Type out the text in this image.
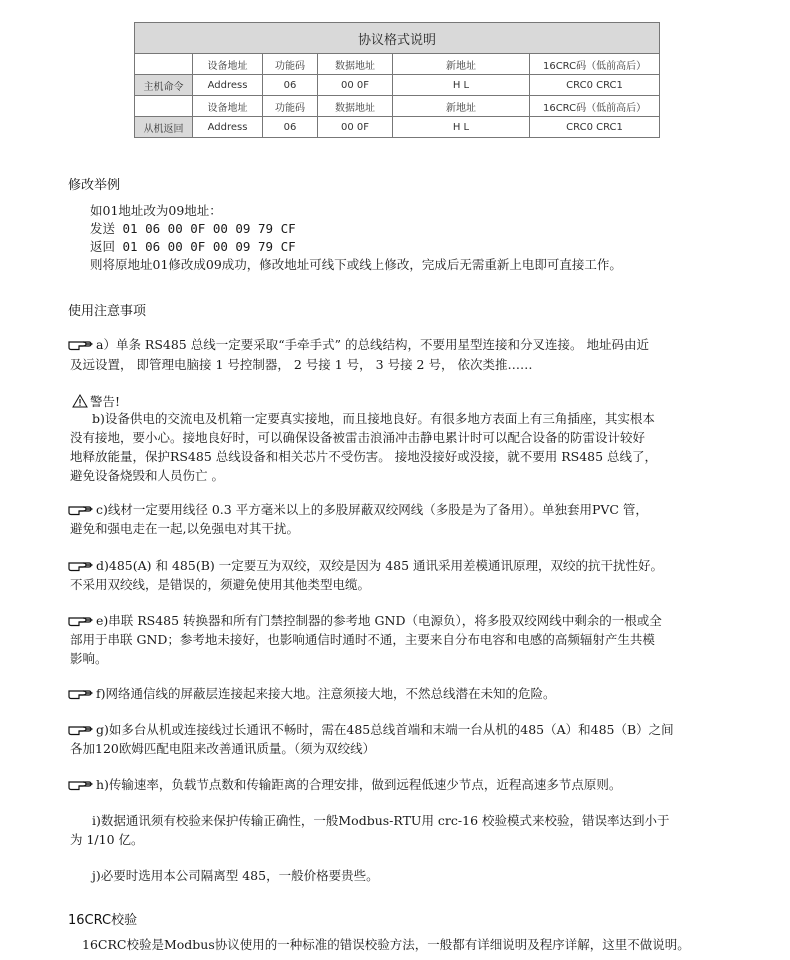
协议格式说明					
	设备地址	功能码	数据地址	新地址	16CRC码（低前高后）
主机命令	Address	06	00 0F	H L	CRC0 CRC1
	设备地址	功能码	数据地址	新地址	16CRC码（低前高后）
从机返回	Address	06	00 0F	H L	CRC0 CRC1
修改举例
如01地址改为09地址：
发送 01 06 00 0F 00 09 79 CF
返回 01 06 00 0F 00 09 79 CF
则将原地址01修改成09成功，修改地址可线下或线上修改，完成后无需重新上电即可直接工作。
使用注意事项
a）单条 RS485 总线一定要采取“手牵手式” 的总线结构，不要用星型连接和分叉连接。 地址码由近
及远设置， 即管理电脑接 1 号控制器， 2 号接 1 号， 3 号接 2 号， 依次类推……
警告!
b)设备供电的交流电及机箱一定要真实接地，而且接地良好。有很多地方表面上有三角插座，其实根本
没有接地，要小心。接地良好时，可以确保设备被雷击浪涌冲击静电累计时可以配合设备的防雷设计较好
地释放能量，保护RS485 总线设备和相关芯片不受伤害。 接地没接好或没接，就不要用 RS485 总线了，
避免设备烧毁和人员伤亡 。
c)线材一定要用线径 0.3 平方毫米以上的多股屏蔽双绞网线（多股是为了备用）。单独套用PVC 管，
避免和强电走在一起,以免强电对其干扰。
d)485(A) 和 485(B) 一定要互为双绞，双绞是因为 485 通讯采用差模通讯原理，双绞的抗干扰性好。
不采用双绞线，是错误的，须避免使用其他类型电缆。
e)串联 RS485 转换器和所有门禁控制器的参考地 GND（电源负），将多股双绞网线中剩余的一根或全
部用于串联 GND；参考地未接好，也影响通信时通时不通，主要来自分布电容和电感的高频辐射产生共模
影响。
f)网络通信线的屏蔽层连接起来接大地。注意须接大地，不然总线潜在未知的危险。
g)如多台从机或连接线过长通讯不畅时，需在485总线首端和末端一台从机的485（A）和485（B）之间
各加120欧姆匹配电阻来改善通讯质量。（须为双绞线）
h)传输速率，负载节点数和传输距离的合理安排，做到远程低速少节点，近程高速多节点原则。
i)数据通讯须有校验来保护传输正确性，一般Modbus-RTU用 crc-16 校验模式来校验，错误率达到小于
为 1/10 亿。
j)必要时选用本公司隔离型 485，一般价格要贵些。
16CRC校验
16CRC校验是Modbus协议使用的一种标准的错误校验方法，一般都有详细说明及程序详解，这里不做说明。
